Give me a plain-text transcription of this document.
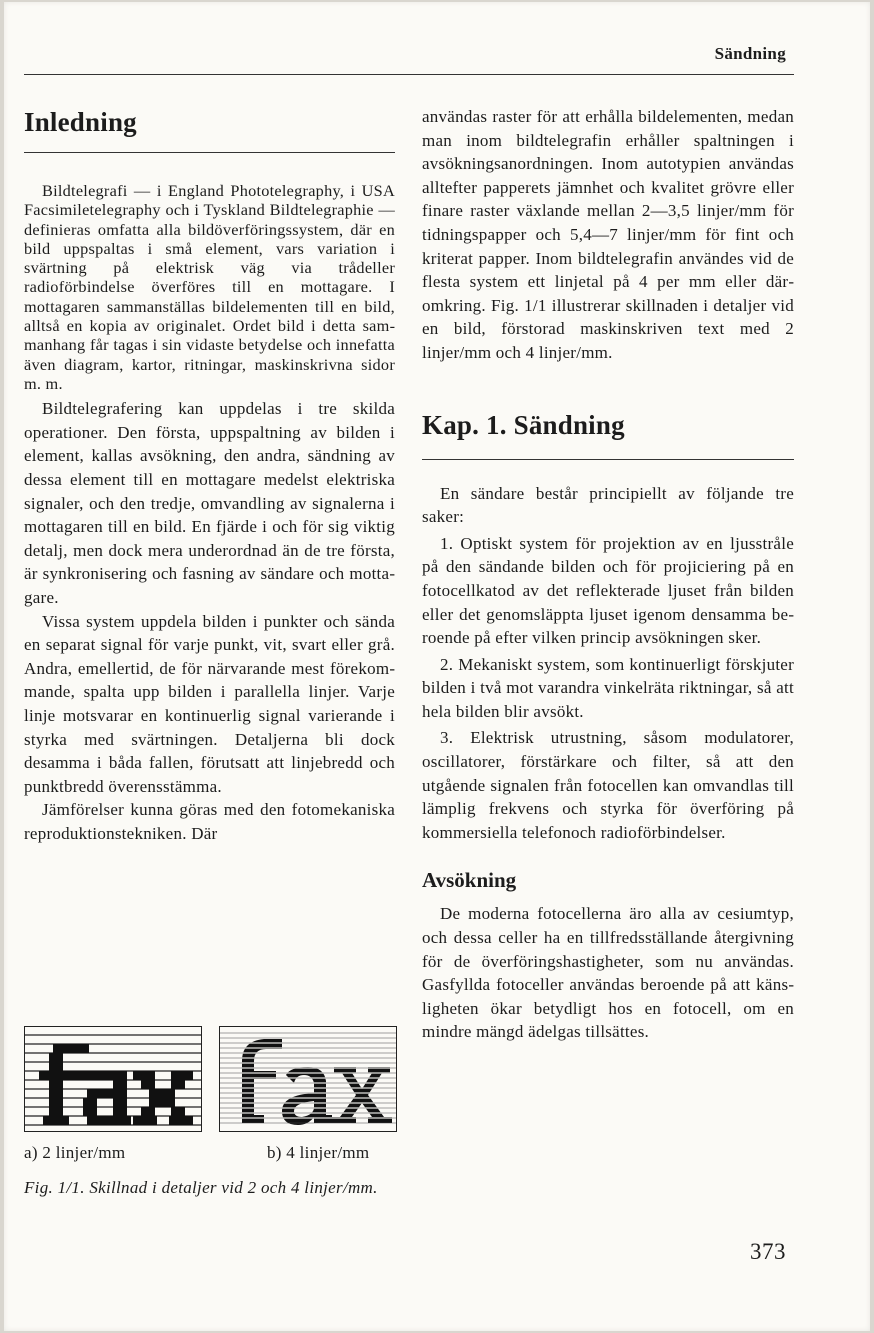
Sändning
Inledning

Bildtelegrafi — i England Phototelegraphy, i USA Facsimiletelegraphy och i Tyskland Bildtelegraphie — definieras omfatta alla bildöverföringssystem, där en bild uppspaltas i små element, vars variation i svärtning på elektrisk väg via trådeller radioförbindelse överföres till en mottagare. I mottagaren sammanställas bildelementen till en bild, alltså en kopia av originalet. Ordet bild i detta sammanhang får tagas i sin vidaste betydelse och innefatta även diagram, kartor, ritningar, maskinskrivna sidor m. m.

Bildtelegrafering kan uppdelas i tre skilda operationer. Den första, uppspaltning av bilden i element, kallas avsökning, den andra, sändning av dessa element till en mottagare medelst elektriska signaler, och den tredje, omvandling av signalerna i mottagaren till en bild. En fjärde i och för sig viktig detalj, men dock mera underordnad än de tre första, är synkronisering och fasning av sändare och mottagare.

Vissa system uppdela bilden i punkter och sända en separat signal för varje punkt, vit, svart eller grå. Andra, emellertid, de för närvarande mest förekommande, spalta upp bilden i parallella linjer. Varje linje motsvarar en kontinuerlig signal varierande i styrka med svärtningen. Detaljerna bli dock desamma i båda fallen, förutsatt att linjebredd och punktbredd överensstämma.

Jämförelser kunna göras med den fotomekaniska reproduktionstekniken. Där

a) 2 linjer/mm	b) 4 linjer/mm
Fig. 1/1. Skillnad i detaljer vid 2 och 4 linjer/mm.

användas raster för att erhålla bildelementen, medan man inom bildtelegrafin erhåller spaltningen i avsökningsanordningen. Inom autotypien användas alltefter papperets jämnhet och kvalitet grövre eller finare raster växlande mellan 2—3,5 linjer/mm för tidningspapper och 5,4—7 linjer/mm för fint och kriterat papper. Inom bildtelegrafin användes vid de flesta system ett linjetal på 4 per mm eller däromkring. Fig. 1/1 illustrerar skillnaden i detaljer vid en bild, förstorad maskinskriven text med 2 linjer/mm och 4 linjer/mm.

Kap. 1. Sändning

En sändare består principiellt av följande tre saker:

1. Optiskt system för projektion av en ljusstråle på den sändande bilden och för projiciering på en fotocellkatod av det reflekterade ljuset från bilden eller det genomsläppta ljuset igenom densamma beroende på efter vilken princip avsökningen sker.

2. Mekaniskt system, som kontinuerligt förskjuter bilden i två mot varandra vinkelräta riktningar, så att hela bilden blir avsökt.

3. Elektrisk utrustning, såsom modulatorer, oscillatorer, förstärkare och filter, så att den utgående signalen från fotocellen kan omvandlas till lämplig frekvens och styrka för överföring på kommersiella telefonoch radioförbindelser.

Avsökning

De moderna fotocellerna äro alla av cesiumtyp, och dessa celler ha en tillfredsställande återgivning för de överföringshastigheter, som nu användas. Gasfyllda fotoceller användas beroende på att känsligheten ökar betydligt hos en fotocell, om en mindre mängd ädelgas tillsättes.

373
